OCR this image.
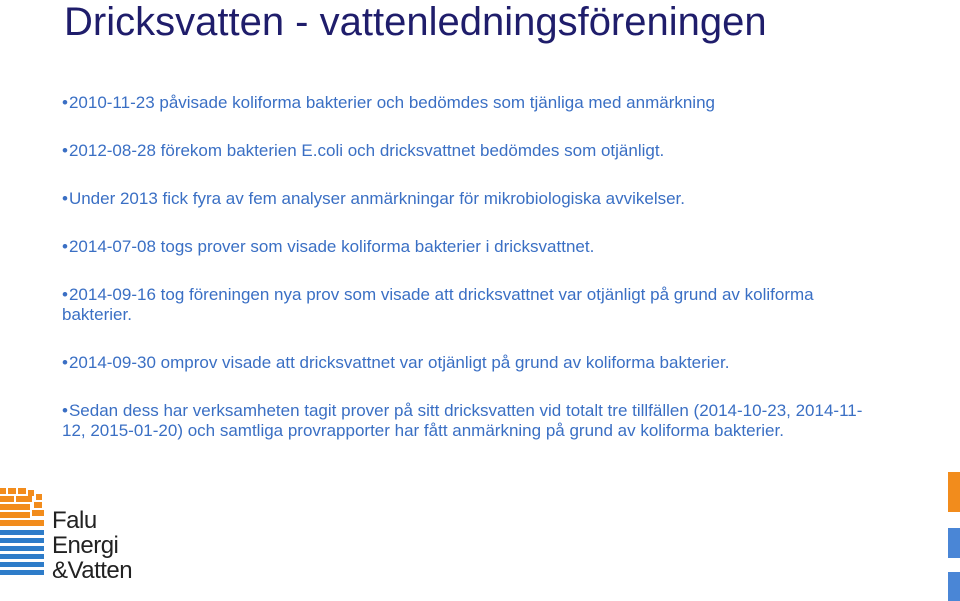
Dricksvatten - vattenledningsföreningen
•2010-11-23 påvisade koliforma bakterier och bedömdes som tjänliga med anmärkning
•2012-08-28 förekom bakterien E.coli och dricksvattnet bedömdes som otjänligt.
•Under 2013 fick fyra av fem analyser anmärkningar för mikrobiologiska avvikelser.
•2014-07-08 togs prover som visade koliforma bakterier i dricksvattnet.
•2014-09-16 tog föreningen nya prov som visade att dricksvattnet var otjänligt på grund av koliforma bakterier.
•2014-09-30 omprov visade att dricksvattnet var otjänligt på grund av koliforma bakterier.
•Sedan dess har verksamheten tagit prover på sitt dricksvatten vid totalt tre tillfällen (2014-10-23, 2014-11-12, 2015-01-20) och samtliga provrapporter har fått anmärkning på grund av koliforma bakterier.
Falu
Energi
&Vatten
